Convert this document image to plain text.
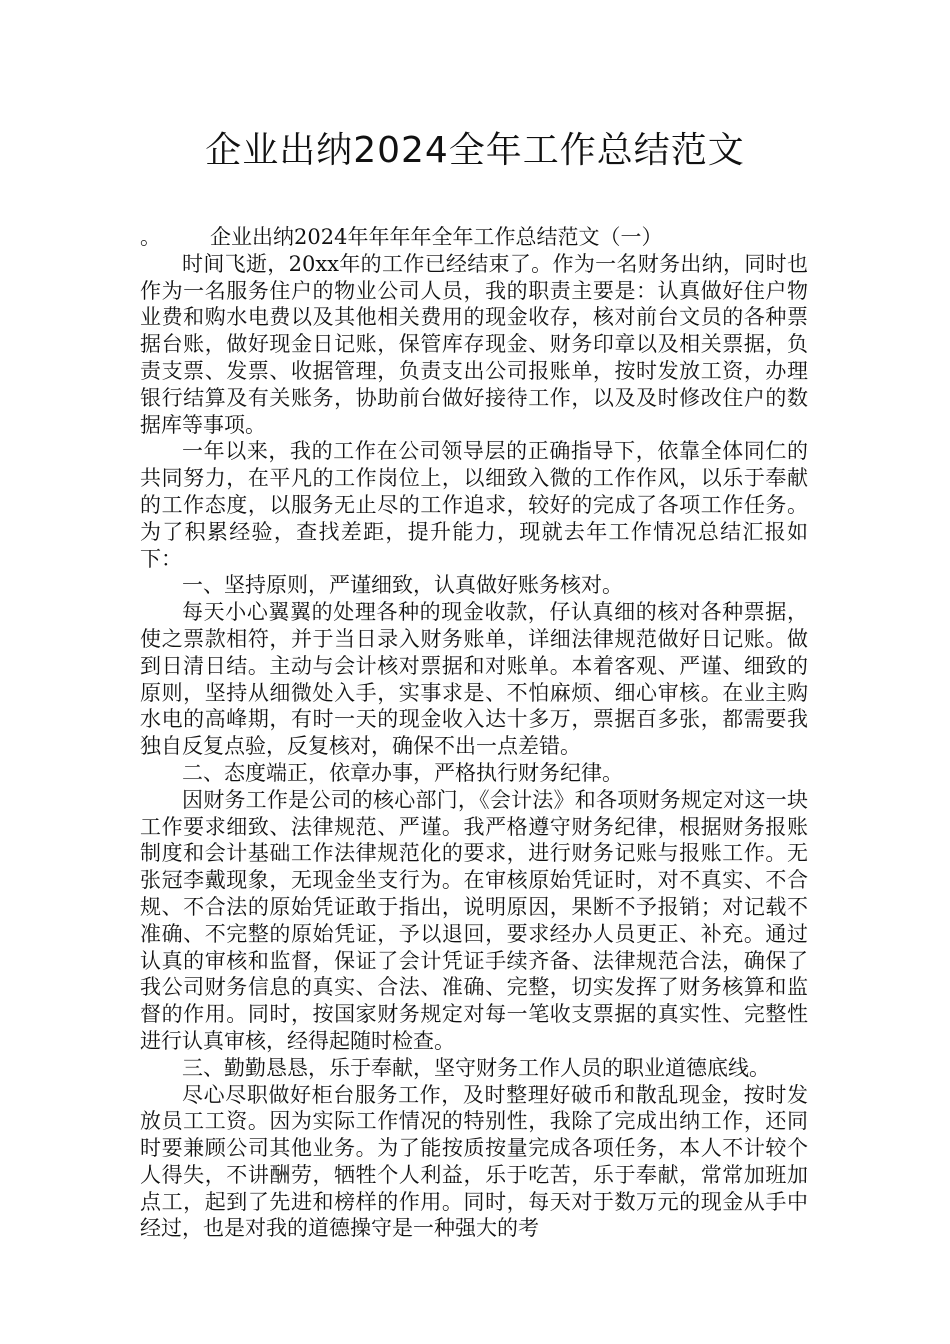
企业出纳2024全年工作总结范文

。 企业出纳2024年年年年全年工作总结范文（一）

时间飞逝，20xx年的工作已经结束了。作为一名财务出纳，同时也作为一名服务住户的物业公司人员，我的职责主要是：认真做好住户物业费和购水电费以及其他相关费用的现金收存，核对前台文员的各种票据台账，做好现金日记账，保管库存现金、财务印章以及相关票据，负责支票、发票、收据管理，负责支出公司报账单，按时发放工资，办理银行结算及有关账务，协助前台做好接待工作，以及及时修改住户的数据库等事项。

一年以来，我的工作在公司领导层的正确指导下，依靠全体同仁的共同努力，在平凡的工作岗位上，以细致入微的工作作风，以乐于奉献的工作态度，以服务无止尽的工作追求，较好的完成了各项工作任务。为了积累经验，查找差距，提升能力，现就去年工作情况总结汇报如下：

一、坚持原则，严谨细致，认真做好账务核对。

每天小心翼翼的处理各种的现金收款，仔认真细的核对各种票据，使之票款相符，并于当日录入财务账单，详细法律规范做好日记账。做到日清日结。主动与会计核对票据和对账单。本着客观、严谨、细致的原则，坚持从细微处入手，实事求是、不怕麻烦、细心审核。在业主购水电的高峰期，有时一天的现金收入达十多万，票据百多张，都需要我独自反复点验，反复核对，确保不出一点差错。

二、态度端正，依章办事，严格执行财务纪律。

因财务工作是公司的核心部门，《会计法》和各项财务规定对这一块工作要求细致、法律规范、严谨。我严格遵守财务纪律，根据财务报账制度和会计基础工作法律规范化的要求，进行财务记账与报账工作。无张冠李戴现象，无现金坐支行为。在审核原始凭证时，对不真实、不合规、不合法的原始凭证敢于指出，说明原因，果断不予报销；对记载不准确、不完整的原始凭证，予以退回，要求经办人员更正、补充。通过认真的审核和监督，保证了会计凭证手续齐备、法律规范合法，确保了我公司财务信息的真实、合法、准确、完整，切实发挥了财务核算和监督的作用。同时，按国家财务规定对每一笔收支票据的真实性、完整性进行认真审核，经得起随时检查。

三、勤勤恳恳，乐于奉献，坚守财务工作人员的职业道德底线。

尽心尽职做好柜台服务工作，及时整理好破币和散乱现金，按时发放员工工资。因为实际工作情况的特别性，我除了完成出纳工作，还同时要兼顾公司其他业务。为了能按质按量完成各项任务，本人不计较个人得失，不讲酬劳，牺牲个人利益，乐于吃苦，乐于奉献，常常加班加点工，起到了先进和榜样的作用。同时，每天对于数万元的现金从手中经过，也是对我的道德操守是一种强大的考
